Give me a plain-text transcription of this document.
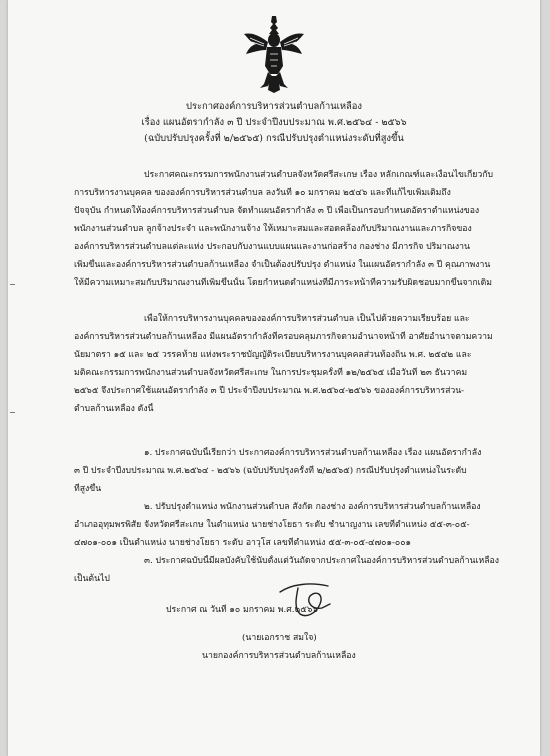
ประกาศองค์การบริหารส่วนตำบลก้านเหลือง
เรื่อง แผนอัตรากำลัง ๓ ปี ประจำปีงบประมาณ พ.ศ.๒๕๖๔ - ๒๕๖๖
(ฉบับปรับปรุงครั้งที่ ๒/๒๕๖๕) กรณีปรับปรุงตำแหน่งระดับที่สูงขึ้น
ประกาศคณะกรรมการพนักงานส่วนตำบลจังหวัดศรีสะเกษ เรื่อง หลักเกณฑ์และเงื่อนไขเกี่ยวกับ
การบริหารงานบุคคล ขององค์การบริหารส่วนตำบล ลงวันที่ ๑๐ มกราคม ๒๕๔๖ และที่แก้ไขเพิ่มเติมถึง
ปัจจุบัน กำหนดให้องค์การบริหารส่วนตำบล จัดทำแผนอัตรากำลัง ๓ ปี เพื่อเป็นกรอบกำหนดอัตราตำแหน่งของ
พนักงานส่วนตำบล ลูกจ้างประจำ และพนักงานจ้าง ให้เหมาะสมและสอดคล้องกับปริมาณงานและภารกิจของ
องค์การบริหารส่วนตำบลแต่ละแห่ง ประกอบกับงานแบบแผนและงานก่อสร้าง กองช่าง มีภารกิจ ปริมาณงาน
เพิ่มขึ้นและองค์การบริหารส่วนตำบลก้านเหลือง จำเป็นต้องปรับปรุง ตำแหน่ง ในแผนอัตรากำลัง ๓ ปี คุณภาพงาน
ให้มีความเหมาะสมกับปริมาณงานที่เพิ่มขึ้นนั้น โดยกำหนดตำแหน่งที่มีภาระหน้าที่ความรับผิดชอบมากขึ้นจากเดิม
เพื่อให้การบริหารงานบุคคลขององค์การบริหารส่วนตำบล เป็นไปด้วยความเรียบร้อย และ
องค์การบริหารส่วนตำบลก้านเหลือง มีแผนอัตรากำลังที่ครอบคลุมภารกิจตามอำนาจหน้าที่ อาศัยอำนาจตามความ
นัยมาตรา ๑๕ และ ๒๕ วรรคท้าย แห่งพระราชบัญญัติระเบียบบริหารงานบุคคลส่วนท้องถิ่น พ.ศ. ๒๕๔๒ และ
มติคณะกรรมการพนักงานส่วนตำบลจังหวัดศรีสะเกษ ในการประชุมครั้งที่ ๑๒/๒๕๖๕ เมื่อวันที่ ๒๓ ธันวาคม
๒๕๖๕ จึงประกาศใช้แผนอัตรากำลัง ๓ ปี ประจำปีงบประมาณ พ.ศ.๒๕๖๔-๒๕๖๖ ขององค์การบริหารส่วน-
ตำบลก้านเหลือง ดังนี้
๑. ประกาศฉบับนี้เรียกว่า ประกาศองค์การบริหารส่วนตำบลก้านเหลือง เรื่อง แผนอัตรากำลัง
๓ ปี ประจำปีงบประมาณ พ.ศ.๒๕๖๔ - ๒๕๖๖ (ฉบับปรับปรุงครั้งที่ ๒/๒๕๖๕) กรณีปรับปรุงตำแหน่งในระดับ
ที่สูงขึ้น
๒. ปรับปรุงตำแหน่ง พนักงานส่วนตำบล สังกัด กองช่าง องค์การบริหารส่วนตำบลก้านเหลือง
อำเภออุทุมพรพิสัย จังหวัดศรีสะเกษ ในตำแหน่ง นายช่างโยธา ระดับ ชำนาญงาน เลขที่ตำแหน่ง ๕๕-๓-๐๕-
๔๗๐๑-๐๐๑ เป็นตำแหน่ง นายช่างโยธา ระดับ อาวุโส เลขที่ตำแหน่ง ๕๕-๓-๐๕-๔๗๐๑-๐๐๑
๓. ประกาศฉบับนี้มีผลบังคับใช้นับตั้งแต่วันถัดจากประกาศในองค์การบริหารส่วนตำบลก้านเหลือง
เป็นต้นไป
ประกาศ ณ วันที่ ๑๐ มกราคม พ.ศ.๒๕๖๖
(นายเอกราช สมใจ)
นายกองค์การบริหารส่วนตำบลก้านเหลือง
